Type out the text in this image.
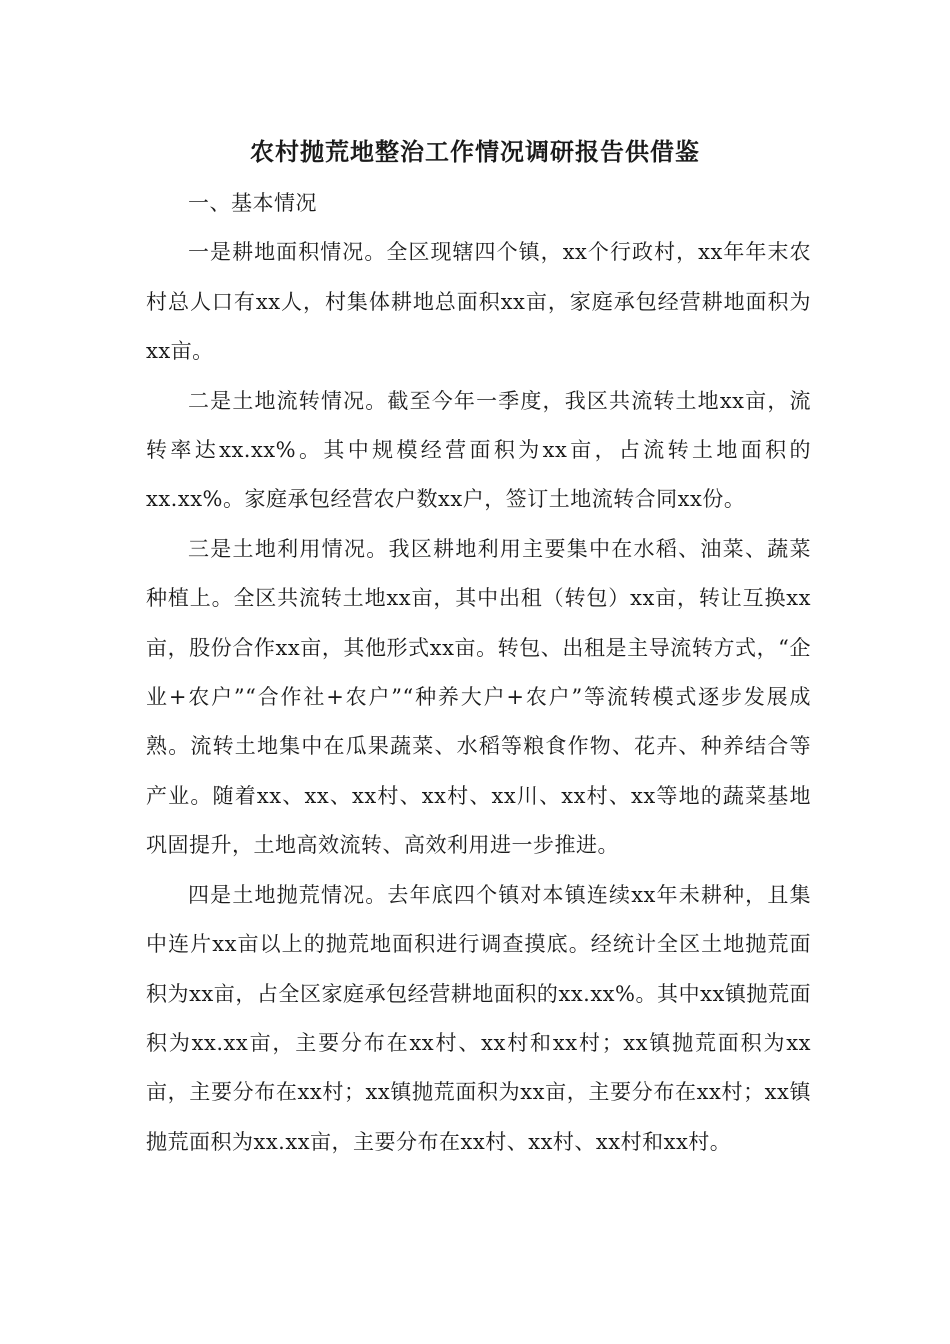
农村抛荒地整治工作情况调研报告供借鉴

一、基本情况

一是耕地面积情况。全区现辖四个镇，xx个行政村，xx年年末农村总人口有xx人，村集体耕地总面积xx亩，家庭承包经营耕地面积为xx亩。

二是土地流转情况。截至今年一季度，我区共流转土地xx亩，流转率达xx.xx%。其中规模经营面积为xx亩，占流转土地面积的xx.xx%。家庭承包经营农户数xx户，签订土地流转合同xx份。

三是土地利用情况。我区耕地利用主要集中在水稻、油菜、蔬菜种植上。全区共流转土地xx亩，其中出租（转包）xx亩，转让互换xx亩，股份合作xx亩，其他形式xx亩。转包、出租是主导流转方式，“企业+农户”“合作社+农户”“种养大户+农户”等流转模式逐步发展成熟。流转土地集中在瓜果蔬菜、水稻等粮食作物、花卉、种养结合等产业。随着xx、xx、xx村、xx村、xx川、xx村、xx等地的蔬菜基地巩固提升，土地高效流转、高效利用进一步推进。

四是土地抛荒情况。去年底四个镇对本镇连续xx年未耕种，且集中连片xx亩以上的抛荒地面积进行调查摸底。经统计全区土地抛荒面积为xx亩，占全区家庭承包经营耕地面积的xx.xx%。其中xx镇抛荒面积为xx.xx亩，主要分布在xx村、xx村和xx村；xx镇抛荒面积为xx亩，主要分布在xx村；xx镇抛荒面积为xx亩，主要分布在xx村；xx镇抛荒面积为xx.xx亩，主要分布在xx村、xx村、xx村和xx村。
